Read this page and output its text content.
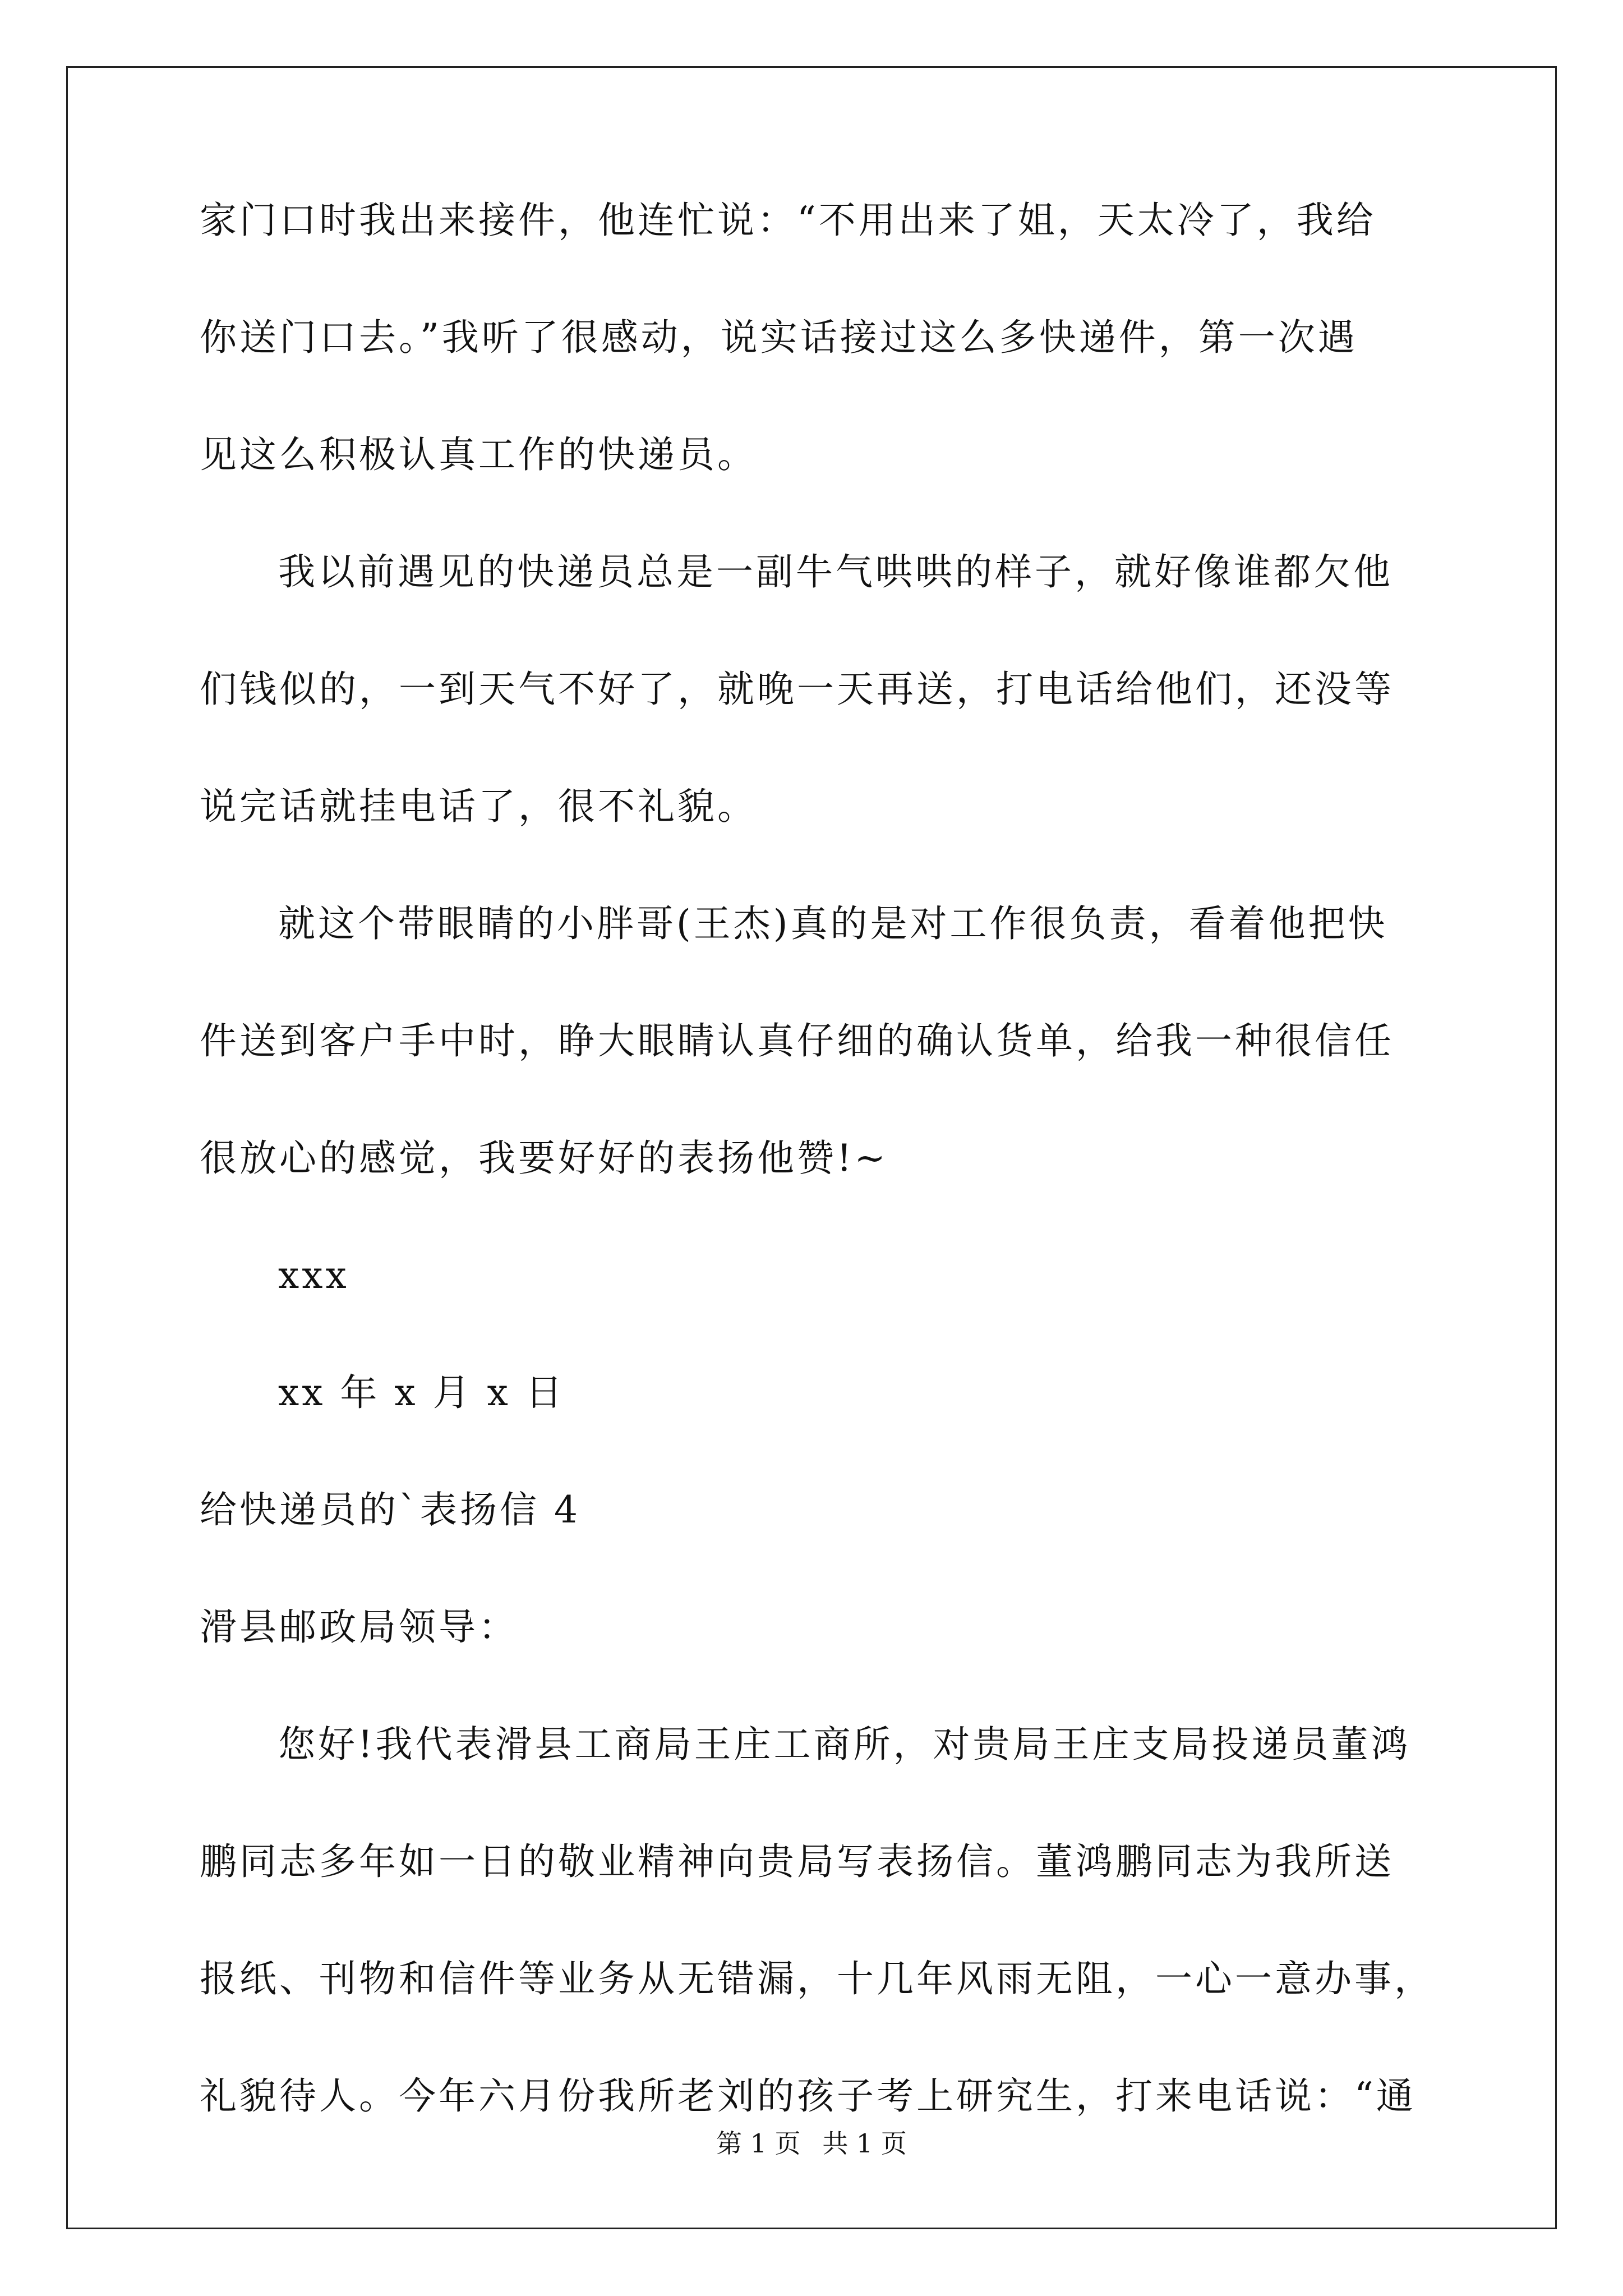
家门口时我出来接件，他连忙说：“不用出来了姐，天太冷了，我给
你送门口去。”我听了很感动，说实话接过这么多快递件，第一次遇
见这么积极认真工作的快递员。
我以前遇见的快递员总是一副牛气哄哄的样子，就好像谁都欠他
们钱似的，一到天气不好了，就晚一天再送，打电话给他们，还没等
说完话就挂电话了，很不礼貌。
就这个带眼睛的小胖哥(王杰)真的是对工作很负责，看着他把快
件送到客户手中时，睁大眼睛认真仔细的确认货单，给我一种很信任
很放心的感觉，我要好好的表扬他赞!~
xxx
xx 年 x 月 x 日
给快递员的`表扬信 4
滑县邮政局领导：
您好!我代表滑县工商局王庄工商所，对贵局王庄支局投递员董鸿
鹏同志多年如一日的敬业精神向贵局写表扬信。董鸿鹏同志为我所送
报纸、刊物和信件等业务从无错漏，十几年风雨无阻，一心一意办事，
礼貌待人。今年六月份我所老刘的孩子考上研究生，打来电话说：“通
第 1 页 共 1 页
